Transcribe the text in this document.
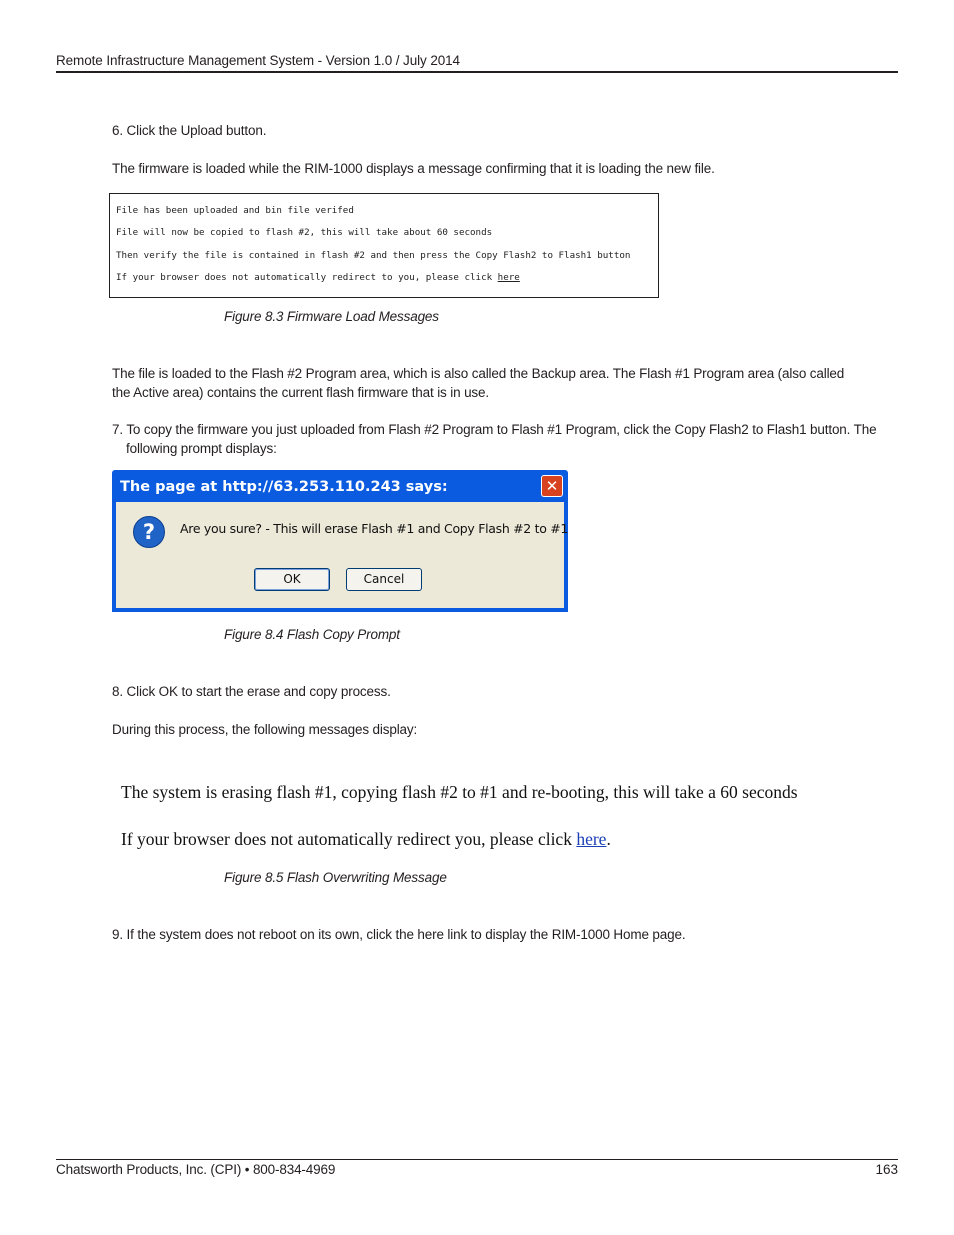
Remote Infrastructure Management System - Version 1.0 / July 2014
6. Click the Upload button.
The firmware is loaded while the RIM-1000 displays a message confirming that it is loading the new file.
File has been uploaded and bin file verifed
File will now be copied to flash #2, this will take about 60 seconds
Then verify the file is contained in flash #2 and then press the Copy Flash2 to Flash1 button
If your browser does not automatically redirect to you, please click here
Figure 8.3 Firmware Load Messages
The file is loaded to the Flash #2 Program area, which is also called the Backup area. The Flash #1 Program area (also called
the Active area) contains the current flash firmware that is in use.
7. To copy the firmware you just uploaded from Flash #2 Program to Flash #1 Program, click the Copy Flash2 to Flash1 button. The
following prompt displays:
The page at http://63.253.110.243 says:	✕
?	Are you sure? - This will erase Flash #1 and Copy Flash #2 to #1
OK	Cancel
Figure 8.4 Flash Copy Prompt
8. Click OK to start the erase and copy process.
During this process, the following messages display:
The system is erasing flash #1, copying flash #2 to #1 and re-booting, this will take a 60 seconds
If your browser does not automatically redirect you, please click here.
Figure 8.5 Flash Overwriting Message
9. If the system does not reboot on its own, click the here link to display the RIM-1000 Home page.
Chatsworth Products, Inc. (CPI) • 800-834-4969	163
